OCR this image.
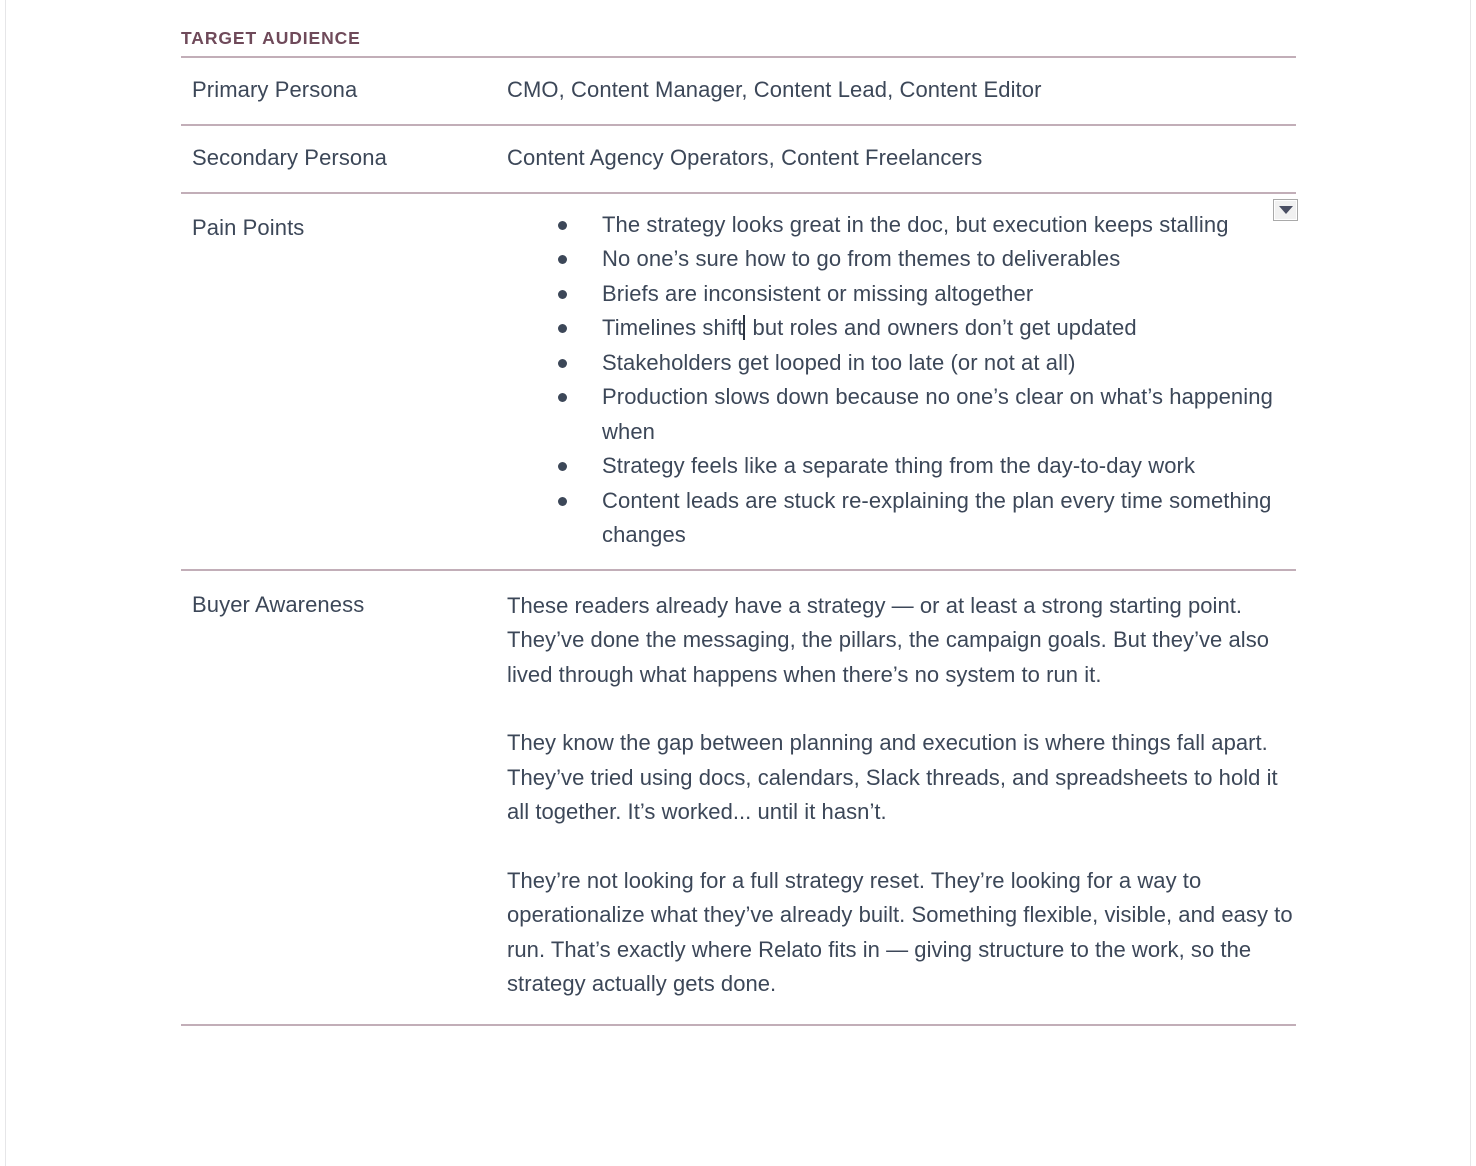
TARGET AUDIENCE
Primary Persona	CMO, Content Manager, Content Lead, Content Editor
Secondary Persona	Content Agency Operators, Content Freelancers
Pain Points	The strategy looks great in the doc, but execution keeps stalling
No one’s sure how to go from themes to deliverables
Briefs are inconsistent or missing altogether
Timelines shift but roles and owners don’t get updated
Stakeholders get looped in too late (or not at all)
Production slows down because no one’s clear on what’s happening when
Strategy feels like a separate thing from the day-to-day work
Content leads are stuck re-explaining the plan every time something changes

Buyer Awareness	These readers already have a strategy — or at least a strong starting point. They’ve done the messaging, the pillars, the campaign goals. But they’ve also lived through what happens when there’s no system to run it.

They know the gap between planning and execution is where things fall apart. They’ve tried using docs, calendars, Slack threads, and spreadsheets to hold it all together. It’s worked... until it hasn’t.

They’re not looking for a full strategy reset. They’re looking for a way to operationalize what they’ve already built. Something flexible, visible, and easy to run. That’s exactly where Relato fits in — giving structure to the work, so the strategy actually gets done.
